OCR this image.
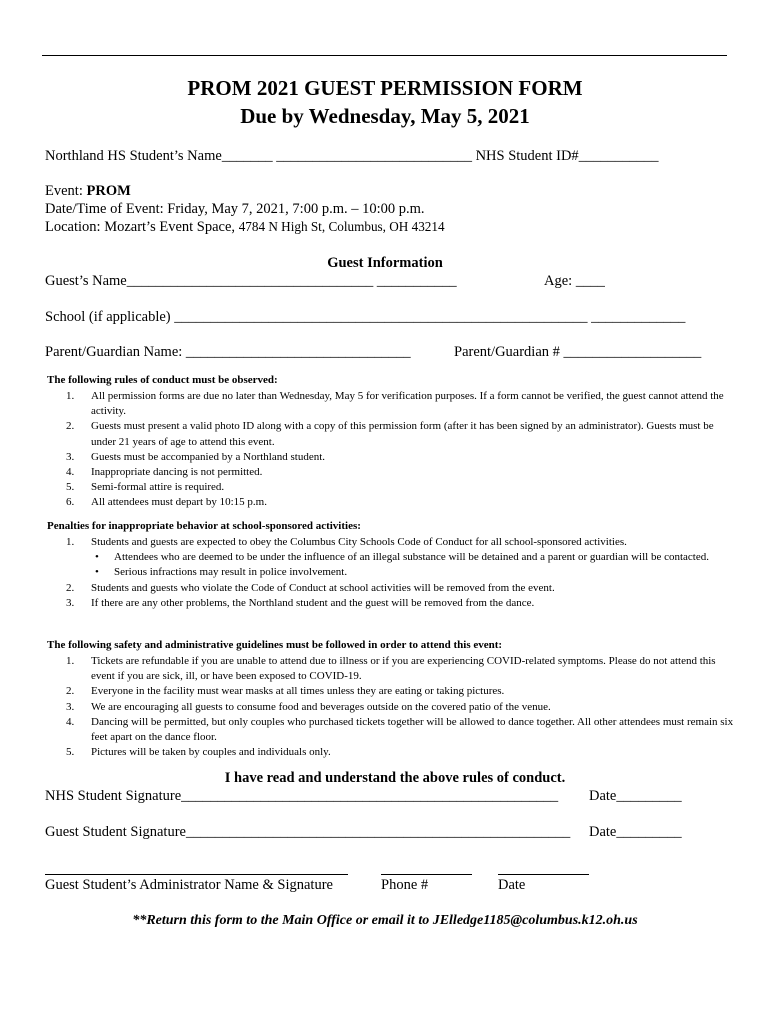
PROM 2021 GUEST PERMISSION FORM
Due by Wednesday, May 5, 2021
Northland HS Student’s Name_______ ___________________________ NHS Student ID#___________
Event: PROM
Date/Time of Event: Friday, May 7, 2021, 7:00 p.m. – 10:00 p.m.
Location: Mozart’s Event Space, 4784 N High St, Columbus, OH 43214
Guest Information
Guest’s Name__________________________________ ___________	Age: ____
School (if applicable) _________________________________________________________ _____________
Parent/Guardian Name: _______________________________	Parent/Guardian # ___________________
The following rules of conduct must be observed:
1. All permission forms are due no later than Wednesday, May 5 for verification purposes. If a form cannot be verified, the guest cannot attend the activity.
2. Guests must present a valid photo ID along with a copy of this permission form (after it has been signed by an administrator). Guests must be under 21 years of age to attend this event.
3. Guests must be accompanied by a Northland student.
4. Inappropriate dancing is not permitted.
5. Semi-formal attire is required.
6. All attendees must depart by 10:15 p.m.
Penalties for inappropriate behavior at school-sponsored activities:
1. Students and guests are expected to obey the Columbus City Schools Code of Conduct for all school-sponsored activities.
• Attendees who are deemed to be under the influence of an illegal substance will be detained and a parent or guardian will be contacted.
• Serious infractions may result in police involvement.
2. Students and guests who violate the Code of Conduct at school activities will be removed from the event.
3. If there are any other problems, the Northland student and the guest will be removed from the dance.
The following safety and administrative guidelines must be followed in order to attend this event:
1. Tickets are refundable if you are unable to attend due to illness or if you are experiencing COVID-related symptoms. Please do not attend this event if you are sick, ill, or have been exposed to COVID-19.
2. Everyone in the facility must wear masks at all times unless they are eating or taking pictures.
3. We are encouraging all guests to consume food and beverages outside on the covered patio of the venue.
4. Dancing will be permitted, but only couples who purchased tickets together will be allowed to dance together. All other attendees must remain six feet apart on the dance floor.
5. Pictures will be taken by couples and individuals only.
I have read and understand the above rules of conduct.
NHS Student Signature____________________________________________________ Date_________
Guest Student Signature_____________________________________________________ Date_________
Guest Student’s Administrator Name & Signature	Phone #	Date
**Return this form to the Main Office or email it to JElledge1185@columbus.k12.oh.us
